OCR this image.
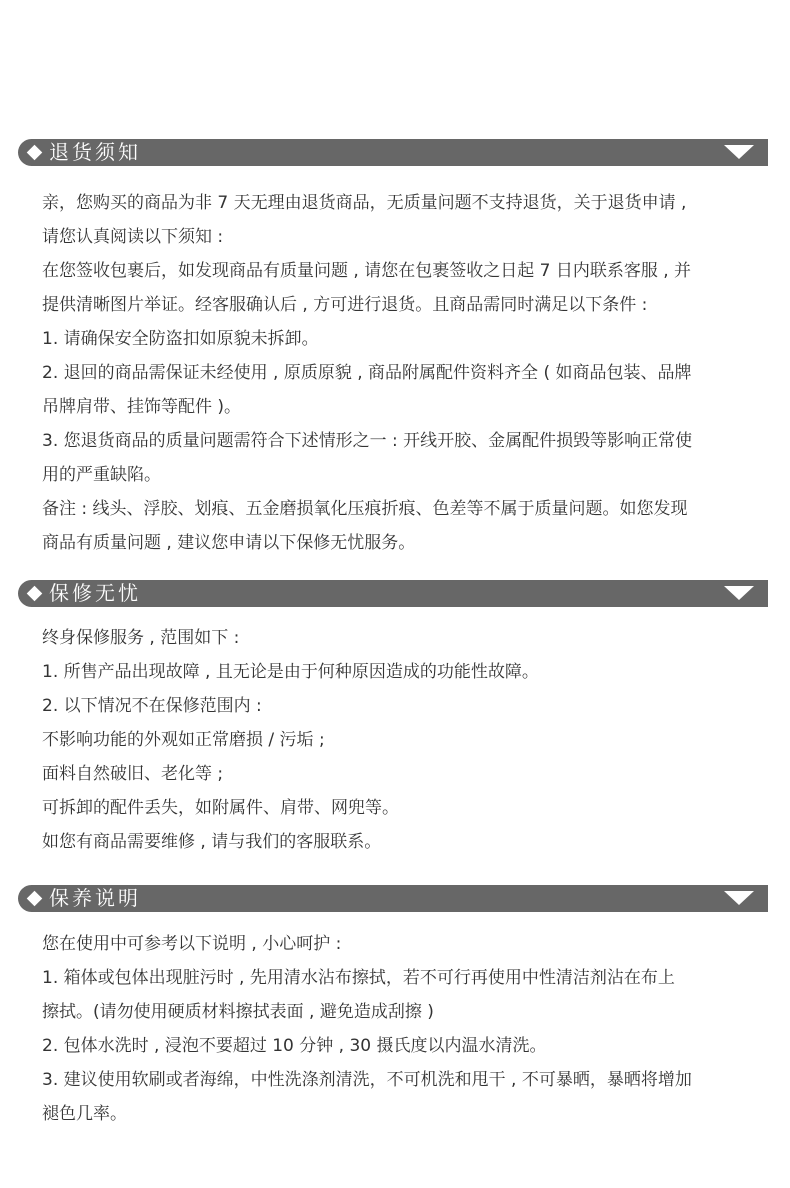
退货须知
亲，您购买的商品为非 7 天无理由退货商品，无质量问题不支持退货，关于退货申请 ,
请您认真阅读以下须知 :
在您签收包裹后，如发现商品有质量问题 , 请您在包裹签收之日起 7 日内联系客服 , 并
提供清晰图片举证。经客服确认后 , 方可进行退货。且商品需同时满足以下条件 :
1. 请确保安全防盗扣如原貌未拆卸。
2. 退回的商品需保证未经使用 , 原质原貌 , 商品附属配件资料齐全 ( 如商品包装、品牌
吊牌肩带、挂饰等配件 )。
3. 您退货商品的质量问题需符合下述情形之一 : 开线开胶、金属配件损毁等影响正常使
用的严重缺陷。
备注 : 线头、浮胶、划痕、五金磨损氧化压痕折痕、色差等不属于质量问题。如您发现
商品有质量问题 , 建议您申请以下保修无忧服务。
保修无忧
终身保修服务 , 范围如下 :
1. 所售产品出现故障 , 且无论是由于何种原因造成的功能性故障。
2. 以下情况不在保修范围内 :
不影响功能的外观如正常磨损 / 污垢 ;
面料自然破旧、老化等 ;
可拆卸的配件丢失，如附属件、肩带、网兜等。
如您有商品需要维修 , 请与我们的客服联系。
保养说明
您在使用中可参考以下说明 , 小心呵护 :
1. 箱体或包体出现脏污时 , 先用清水沾布擦拭，若不可行再使用中性清洁剂沾在布上
擦拭。(请勿使用硬质材料擦拭表面 , 避免造成刮擦 )
2. 包体水洗时 , 浸泡不要超过 10 分钟 , 30 摄氏度以内温水清洗。
3. 建议使用软刷或者海绵，中性洗涤剂清洗，不可机洗和甩干 , 不可暴晒，暴晒将增加
褪色几率。
